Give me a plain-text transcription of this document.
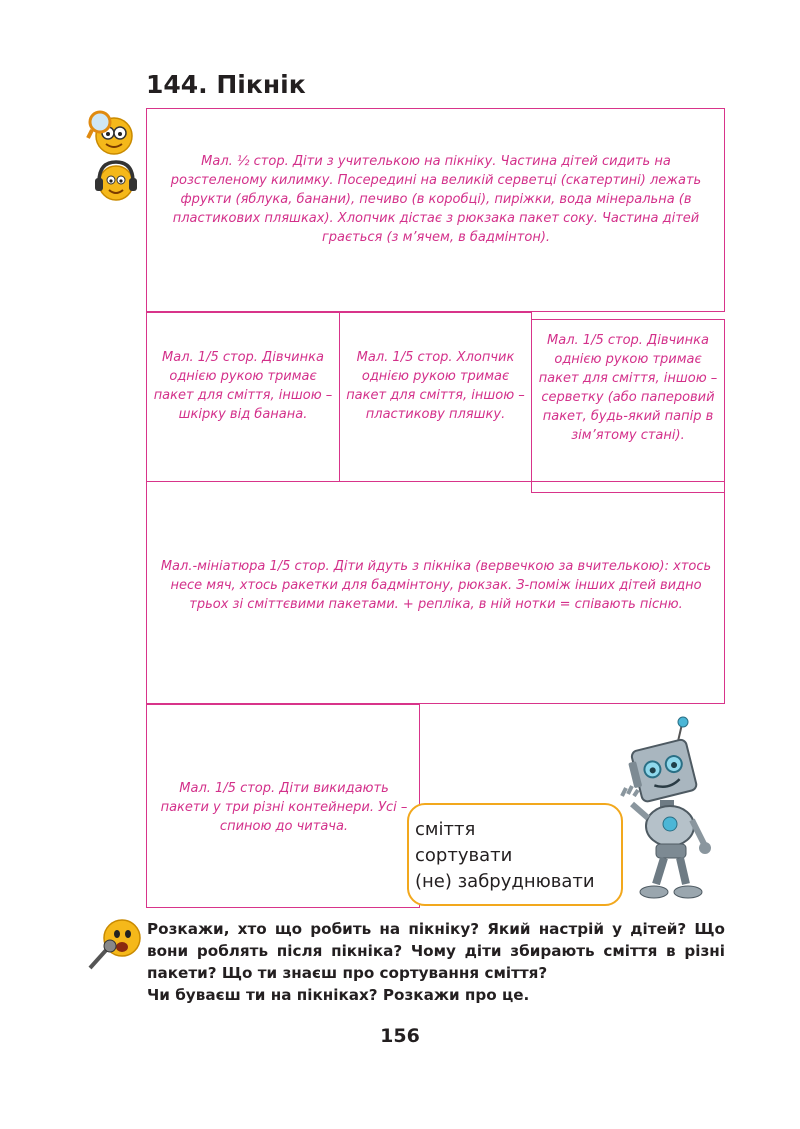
144. Пікнік
Мал. ½ стор. Діти з учителькою на пікніку. Частина дітей сидить на розстеленому килимку. Посередині на великій серветці (скатертині) лежать фрукти (яблука, банани), печиво (в коробці), пиріжки, вода мінеральна (в пластикових пляшках). Хлопчик дістає з рюкзака пакет соку. Частина дітей грається (з м’ячем, в бадмінтон).
Мал. 1/5 стор. Дівчинка однією рукою тримає пакет для сміття, іншою – шкірку від банана.
Мал. 1/5 стор. Хлопчик однією рукою тримає пакет для сміття, іншою – пластикову пляшку.
Мал. 1/5 стор. Дівчинка однією рукою тримає пакет для сміття, іншою – серветку (або паперовий пакет, будь-який папір в зім’ятому стані).
Мал.-мініатюра 1/5 стор. Діти йдуть з пікніка (вервечкою за вчителькою): хтось несе мяч, хтось ракетки для бадмінтону, рюкзак. З-поміж інших дітей видно трьох зі сміттєвими пакетами. + репліка, в ній нотки = співають пісню.
Мал. 1/5 стор. Діти викидають пакети у три різні контейнери. Усі – спиною до читача.	сміття
сортувати
(не) забруднювати
Розкажи, хто що робить на пікніку? Який настрій у дітей? Що вони роблять після пікніка? Чому діти збирають сміття в різні пакети? Що ти знаєш про сортування сміття?
Чи буваєш ти на пікніках? Розкажи про це.
156
